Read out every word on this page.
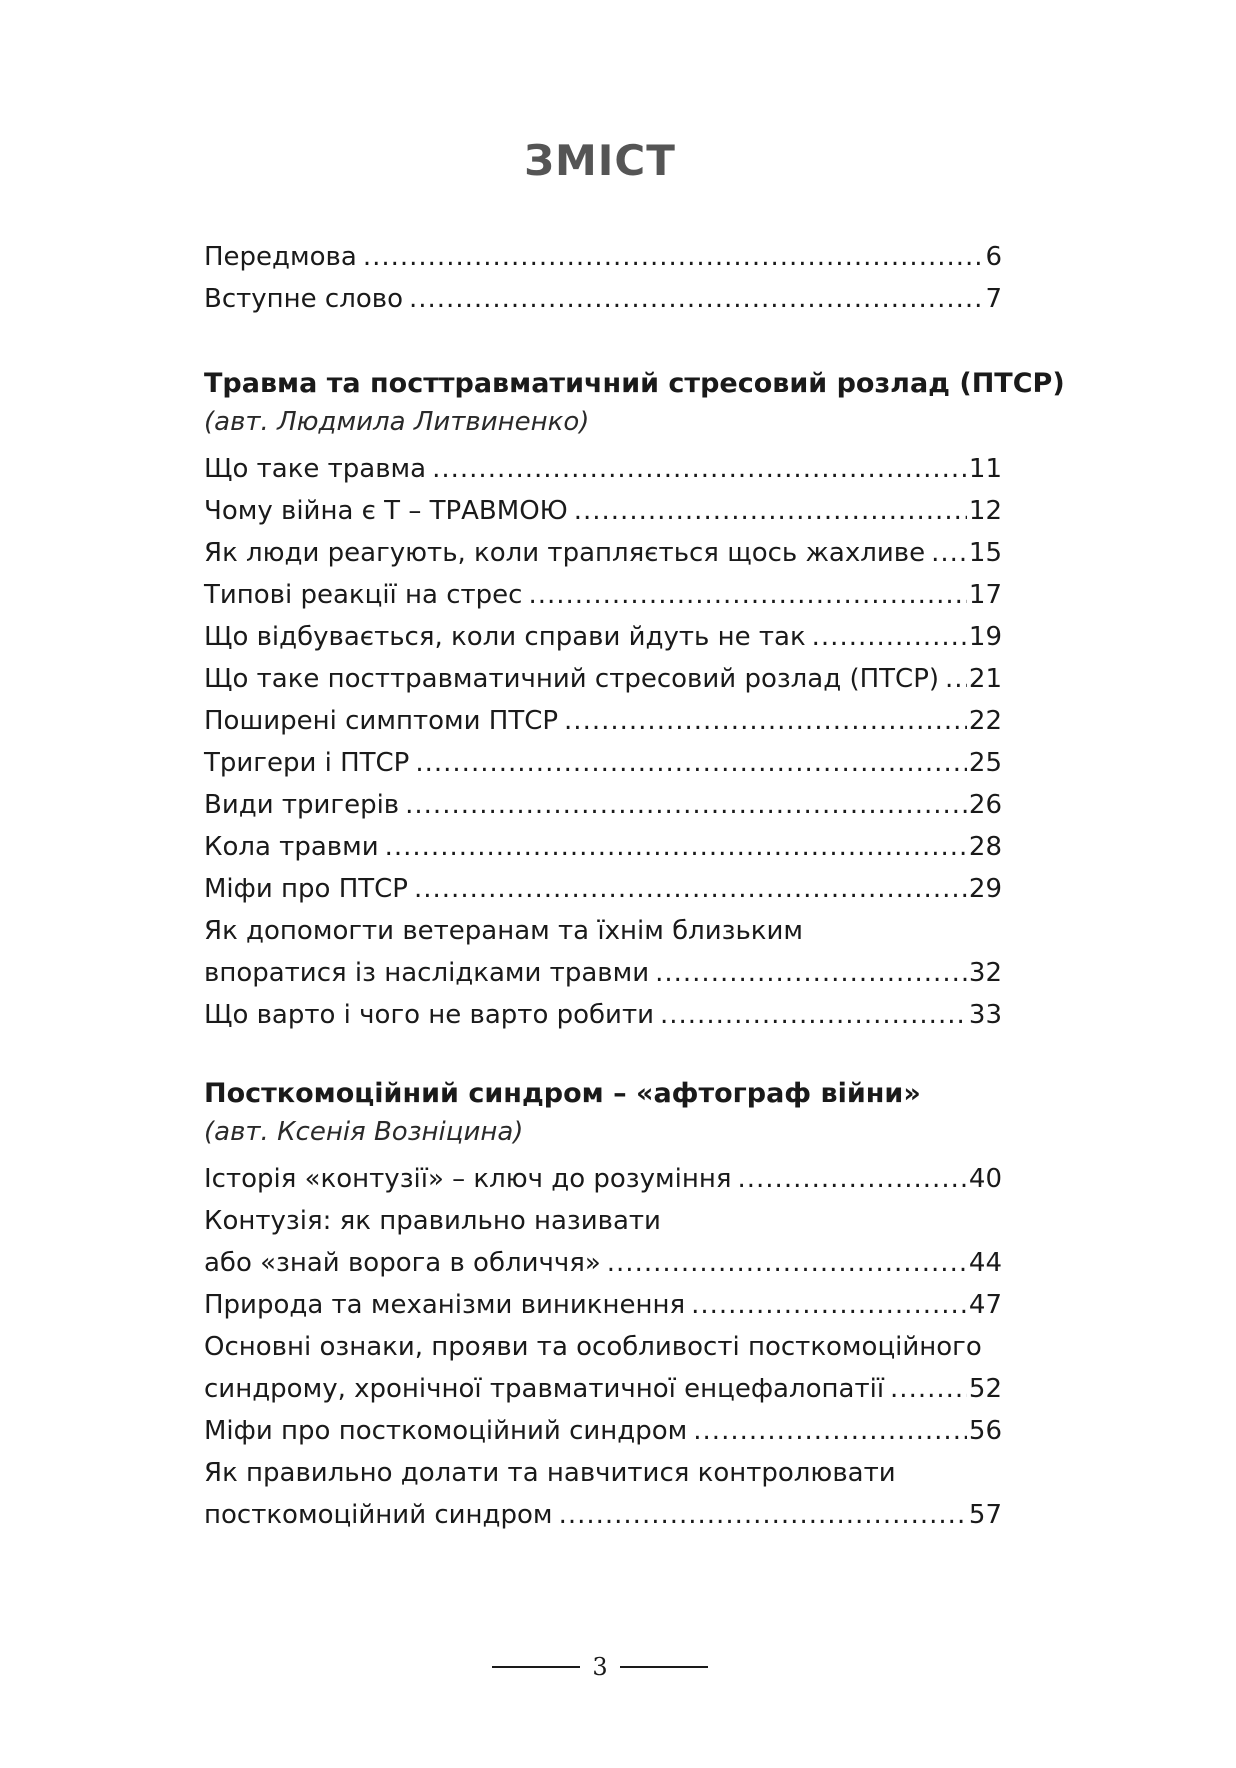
ЗМІСТ
Передмова .....	6
Вступне слово .....	7
Травма та посттравматичний стресовий розлад (ПТСР)
(авт. Людмила Литвиненко)
Що таке травма .....	11
Чому війна є Т – ТРАВМОЮ .....	12
Як люди реагують, коли трапляється щось жахливе ..... 15
Типові реакції на стрес .....	17
Що відбувається, коли справи йдуть не так .....	19
Що таке посттравматичний стресовий розлад (ПТСР) ..... 21
Поширені симптоми ПТСР .....	22
Тригери і ПТСР .....	25
Види тригерів .....	26
Кола травми .....	28
Міфи про ПТСР .....	29
Як допомогти ветеранам та їхнім близьким
впоратися із наслідками травми .....	32
Що варто і чого не варто робити .....	33
Посткомоційний синдром – «афтограф війни»
(авт. Ксенія Возніцина)
Історія «контузії» – ключ до розуміння .....	40
Контузія: як правильно називати
або «знай ворога в обличчя» .....	44
Природа та механізми виникнення .....	47
Основні ознаки, прояви та особливості посткомоційного
синдрому, хронічної травматичної енцефалопатії .....	52
Міфи про посткомоційний синдром .....	56
Як правильно долати та навчитися контролювати
посткомоційний синдром .....	57
3
